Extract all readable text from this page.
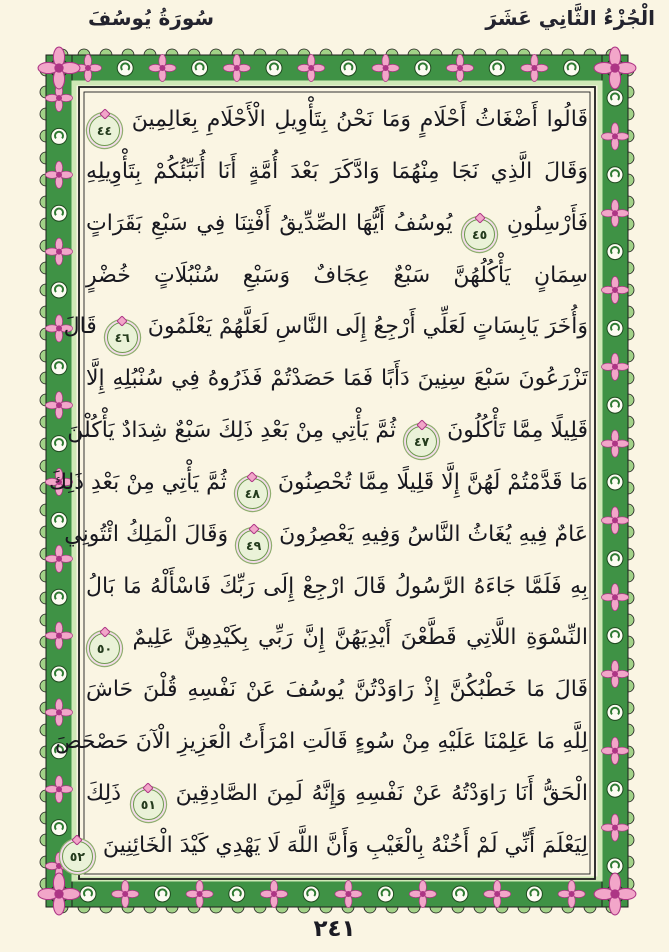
الْجُزْءُ الثَّانِي عَشَرَ
سُورَةُ يُوسُفَ
قَالُوا أَضْغَاثُ أَحْلَامٍ وَمَا نَحْنُ بِتَأْوِيلِ الْأَحْلَامِ بِعَالِمِينَ ٤٤
وَقَالَ الَّذِي نَجَا مِنْهُمَا وَادَّكَرَ بَعْدَ أُمَّةٍ أَنَا أُنَبِّئُكُمْ بِتَأْوِيلِهِ
فَأَرْسِلُونِ ٤٥ يُوسُفُ أَيُّهَا الصِّدِّيقُ أَفْتِنَا فِي سَبْعِ بَقَرَاتٍ
سِمَانٍ يَأْكُلُهُنَّ سَبْعٌ عِجَافٌ وَسَبْعِ سُنْبُلَاتٍ خُضْرٍ
وَأُخَرَ يَابِسَاتٍ لَعَلِّي أَرْجِعُ إِلَى النَّاسِ لَعَلَّهُمْ يَعْلَمُونَ ٤٦ قَالَ
تَزْرَعُونَ سَبْعَ سِنِينَ دَأَبًا فَمَا حَصَدْتُمْ فَذَرُوهُ فِي سُنْبُلِهِ إِلَّا
قَلِيلًا مِمَّا تَأْكُلُونَ ٤٧ ثُمَّ يَأْتِي مِنْ بَعْدِ ذَلِكَ سَبْعٌ شِدَادٌ يَأْكُلْنَ
مَا قَدَّمْتُمْ لَهُنَّ إِلَّا قَلِيلًا مِمَّا تُحْصِنُونَ ٤٨ ثُمَّ يَأْتِي مِنْ بَعْدِ ذَلِكَ
عَامٌ فِيهِ يُغَاثُ النَّاسُ وَفِيهِ يَعْصِرُونَ ٤٩ وَقَالَ الْمَلِكُ ائْتُونِي
بِهِ فَلَمَّا جَاءَهُ الرَّسُولُ قَالَ ارْجِعْ إِلَى رَبِّكَ فَاسْأَلْهُ مَا بَالُ
النِّسْوَةِ اللَّاتِي قَطَّعْنَ أَيْدِيَهُنَّ إِنَّ رَبِّي بِكَيْدِهِنَّ عَلِيمٌ ٥٠
قَالَ مَا خَطْبُكُنَّ إِذْ رَاوَدْتُنَّ يُوسُفَ عَنْ نَفْسِهِ قُلْنَ حَاشَ
لِلَّهِ مَا عَلِمْنَا عَلَيْهِ مِنْ سُوءٍ قَالَتِ امْرَأَتُ الْعَزِيزِ الْآنَ حَصْحَصَ
الْحَقُّ أَنَا رَاوَدْتُهُ عَنْ نَفْسِهِ وَإِنَّهُ لَمِنَ الصَّادِقِينَ ٥١ ذَلِكَ
لِيَعْلَمَ أَنِّي لَمْ أَخُنْهُ بِالْغَيْبِ وَأَنَّ اللَّهَ لَا يَهْدِي كَيْدَ الْخَائِنِينَ ٥٢
٢٤١
